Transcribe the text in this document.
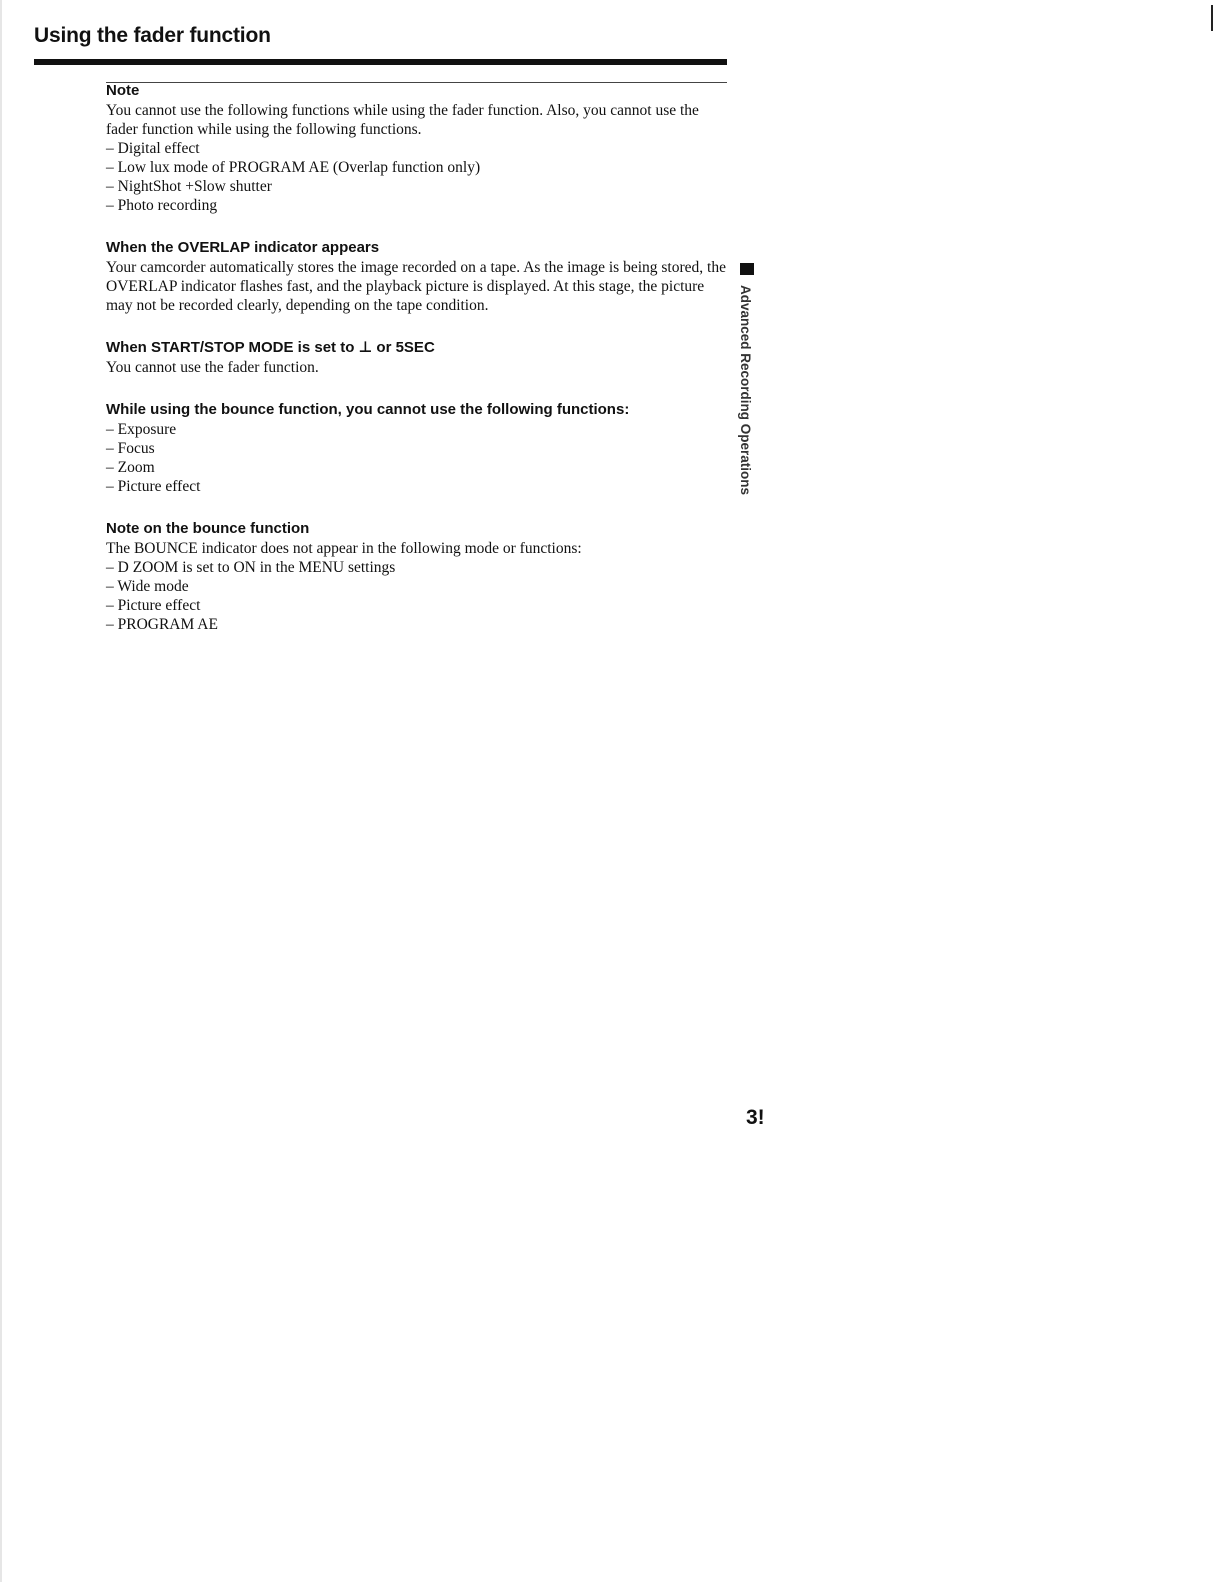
Using the fader function
Note

You cannot use the following functions while using the fader function. Also, you cannot use the fader function while using the following functions.

– Digital effect
– Low lux mode of PROGRAM AE (Overlap function only)
– NightShot +Slow shutter
– Photo recording
When the OVERLAP indicator appears

Your camcorder automatically stores the image recorded on a tape. As the image is being stored, the OVERLAP indicator flashes fast, and the playback picture is displayed. At this stage, the picture may not be recorded clearly, depending on the tape condition.

When START/STOP MODE is set to ⊥ or 5SEC

You cannot use the fader function.

While using the bounce function, you cannot use the following functions:
– Exposure
– Focus
– Zoom
– Picture effect
Note on the bounce function

The BOUNCE indicator does not appear in the following mode or functions:

– D ZOOM is set to ON in the MENU settings
– Wide mode
– Picture effect
– PROGRAM AE
Advanced Recording Operations
3!
